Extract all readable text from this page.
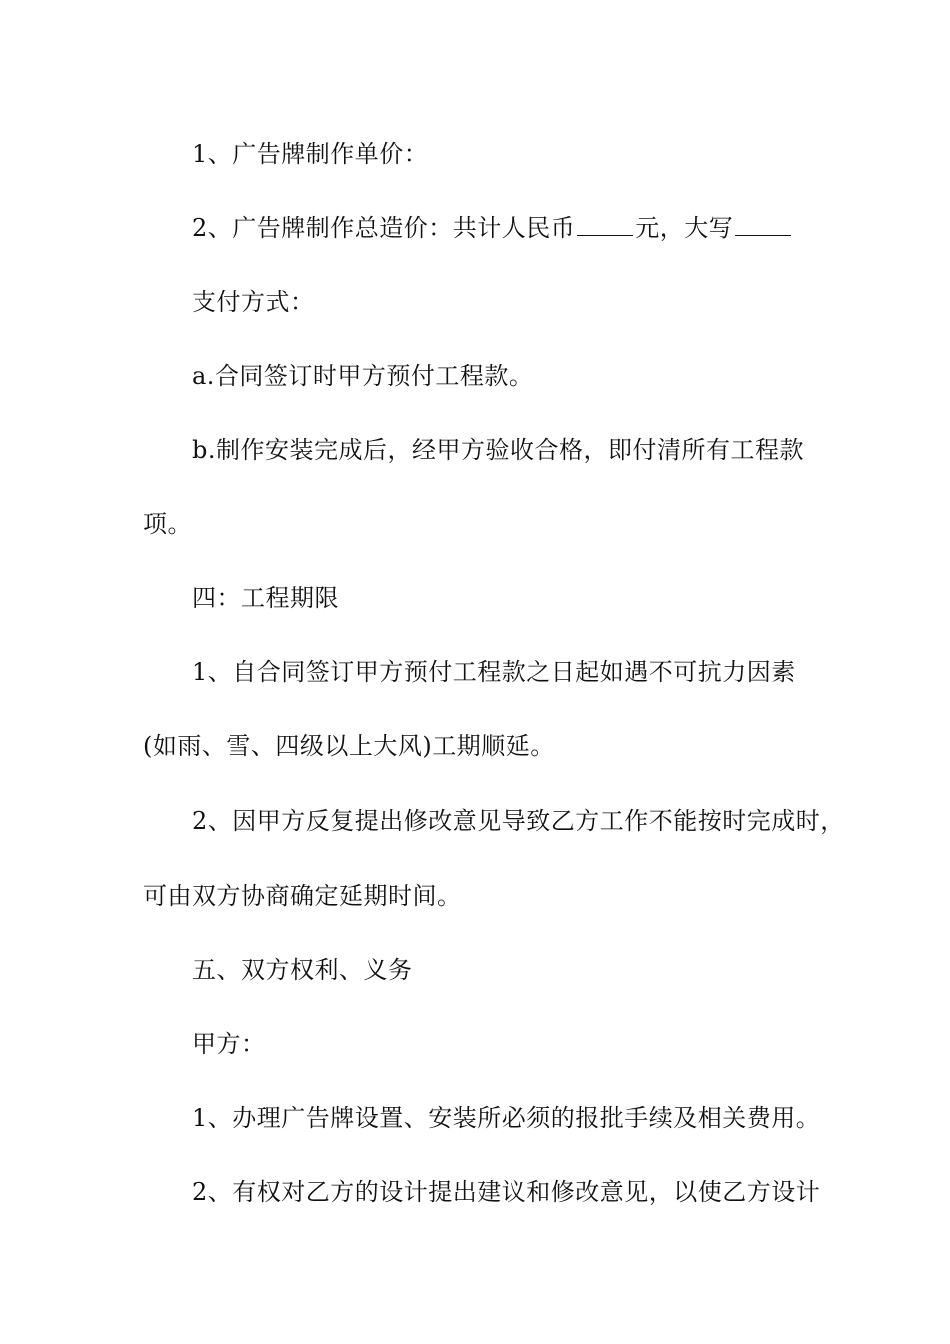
1、广告牌制作单价：
2、广告牌制作总造价：共计人民币	元，大写
支付方式：
a.合同签订时甲方预付工程款。
b.制作安装完成后，经甲方验收合格，即付清所有工程款
项。
四：工程期限
1、自合同签订甲方预付工程款之日起如遇不可抗力因素
(如雨、雪、四级以上大风)工期顺延。
2、因甲方反复提出修改意见导致乙方工作不能按时完成时，
可由双方协商确定延期时间。
五、双方权利、义务
甲方：
1、办理广告牌设置、安装所必须的报批手续及相关费用。
2、有权对乙方的设计提出建议和修改意见，以使乙方设计
